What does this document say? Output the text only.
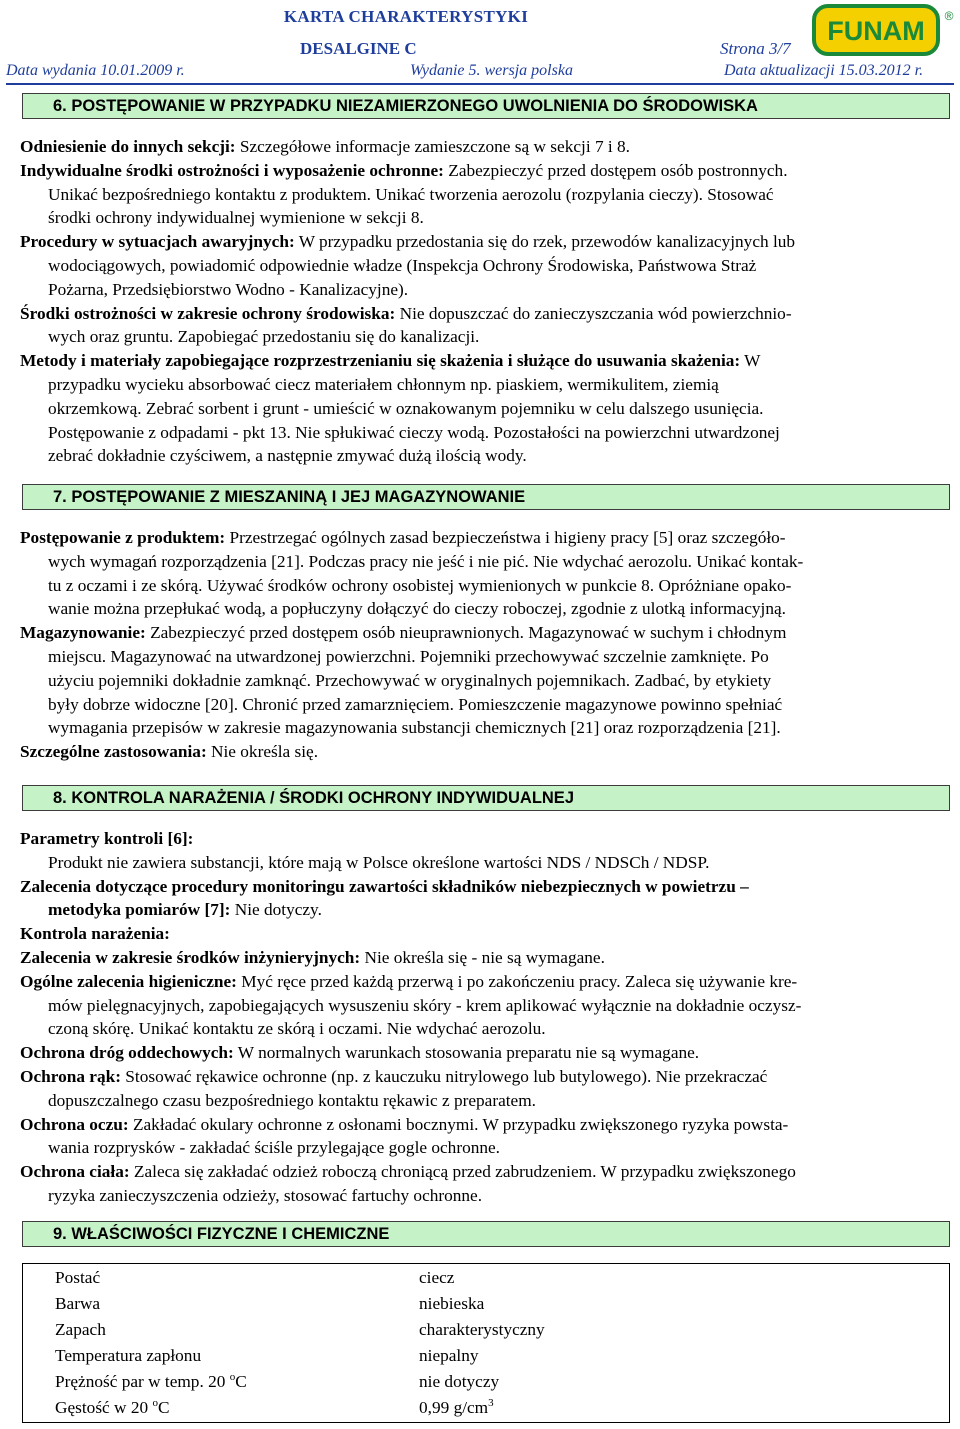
KARTA CHARAKTERYSTYKI
DESALGINE C	Strona 3/7
Data wydania 10.01.2009 r.	Wydanie 5. wersja polska	Data aktualizacji 15.03.2012 r.
FUNAM ®
6. POSTĘPOWANIE W PRZYPADKU NIEZAMIERZONEGO UWOLNIENIA DO ŚRODOWISKA

Odniesienie do innych sekcji: Szczegółowe informacje zamieszczone są w sekcji 7 i 8.

Indywidualne środki ostrożności i wyposażenie ochronne: Zabezpieczyć przed dostępem osób postronnych.
Unikać bezpośredniego kontaktu z produktem. Unikać tworzenia aerozolu (rozpylania cieczy). Stosować
środki ochrony indywidualnej wymienione w sekcji 8.

Procedury w sytuacjach awaryjnych: W przypadku przedostania się do rzek, przewodów kanalizacyjnych lub
wodociągowych, powiadomić odpowiednie władze (Inspekcja Ochrony Środowiska, Państwowa Straż
Pożarna, Przedsiębiorstwo Wodno - Kanalizacyjne).

Środki ostrożności w zakresie ochrony środowiska: Nie dopuszczać do zanieczyszczania wód powierzchnio-
wych oraz gruntu. Zapobiegać przedostaniu się do kanalizacji.

Metody i materiały zapobiegające rozprzestrzenianiu się skażenia i służące do usuwania skażenia: W
przypadku wycieku absorbować ciecz materiałem chłonnym np. piaskiem, wermikulitem, ziemią
okrzemkową. Zebrać sorbent i grunt - umieścić w oznakowanym pojemniku w celu dalszego usunięcia.
Postępowanie z odpadami - pkt 13. Nie spłukiwać cieczy wodą. Pozostałości na powierzchni utwardzonej
zebrać dokładnie czyściwem, a następnie zmywać dużą ilością wody.

7. POSTĘPOWANIE Z MIESZANINĄ I JEJ MAGAZYNOWANIE

Postępowanie z produktem: Przestrzegać ogólnych zasad bezpieczeństwa i higieny pracy [5] oraz szczegóło-
wych wymagań rozporządzenia [21]. Podczas pracy nie jeść i nie pić. Nie wdychać aerozolu. Unikać kontak-
tu z oczami i ze skórą. Używać środków ochrony osobistej wymienionych w punkcie 8. Opróżniane opako-
wanie można przepłukać wodą, a popłuczyny dołączyć do cieczy roboczej, zgodnie z ulotką informacyjną.

Magazynowanie: Zabezpieczyć przed dostępem osób nieuprawnionych. Magazynować w suchym i chłodnym
miejscu. Magazynować na utwardzonej powierzchni. Pojemniki przechowywać szczelnie zamknięte. Po
użyciu pojemniki dokładnie zamknąć. Przechowywać w oryginalnych pojemnikach. Zadbać, by etykiety
były dobrze widoczne [20]. Chronić przed zamarznięciem. Pomieszczenie magazynowe powinno spełniać
wymagania przepisów w zakresie magazynowania substancji chemicznych [21] oraz rozporządzenia [21].

Szczególne zastosowania: Nie określa się.

8. KONTROLA NARAŻENIA / ŚRODKI OCHRONY INDYWIDUALNEJ

Parametry kontroli [6]:

Produkt nie zawiera substancji, które mają w Polsce określone wartości NDS / NDSCh / NDSP.

Zalecenia dotyczące procedury monitoringu zawartości składników niebezpiecznych w powietrzu –
metodyka pomiarów [7]: Nie dotyczy.

Kontrola narażenia:

Zalecenia w zakresie środków inżynieryjnych: Nie określa się - nie są wymagane.

Ogólne zalecenia higieniczne: Myć ręce przed każdą przerwą i po zakończeniu pracy. Zaleca się używanie kre-
mów pielęgnacyjnych, zapobiegających wysuszeniu skóry - krem aplikować wyłącznie na dokładnie oczysz-
czoną skórę. Unikać kontaktu ze skórą i oczami. Nie wdychać aerozolu.

Ochrona dróg oddechowych: W normalnych warunkach stosowania preparatu nie są wymagane.

Ochrona rąk: Stosować rękawice ochronne (np. z kauczuku nitrylowego lub butylowego). Nie przekraczać
dopuszczalnego czasu bezpośredniego kontaktu rękawic z preparatem.

Ochrona oczu: Zakładać okulary ochronne z osłonami bocznymi. W przypadku zwiększonego ryzyka powsta-
wania rozprysków - zakładać ściśle przylegające gogle ochronne.

Ochrona ciała: Zaleca się zakładać odzież roboczą chroniącą przed zabrudzeniem. W przypadku zwiększonego
ryzyka zanieczyszczenia odzieży, stosować fartuchy ochronne.

9. WŁAŚCIWOŚCI FIZYCZNE I CHEMICZNE
Postać	ciecz
Barwa	niebieska
Zapach	charakterystyczny
Temperatura zapłonu	niepalny
Prężność par w temp. 20 $^o$C	nie dotyczy
Gęstość w 20 $^o$C	0,99 $g/cm^3$
